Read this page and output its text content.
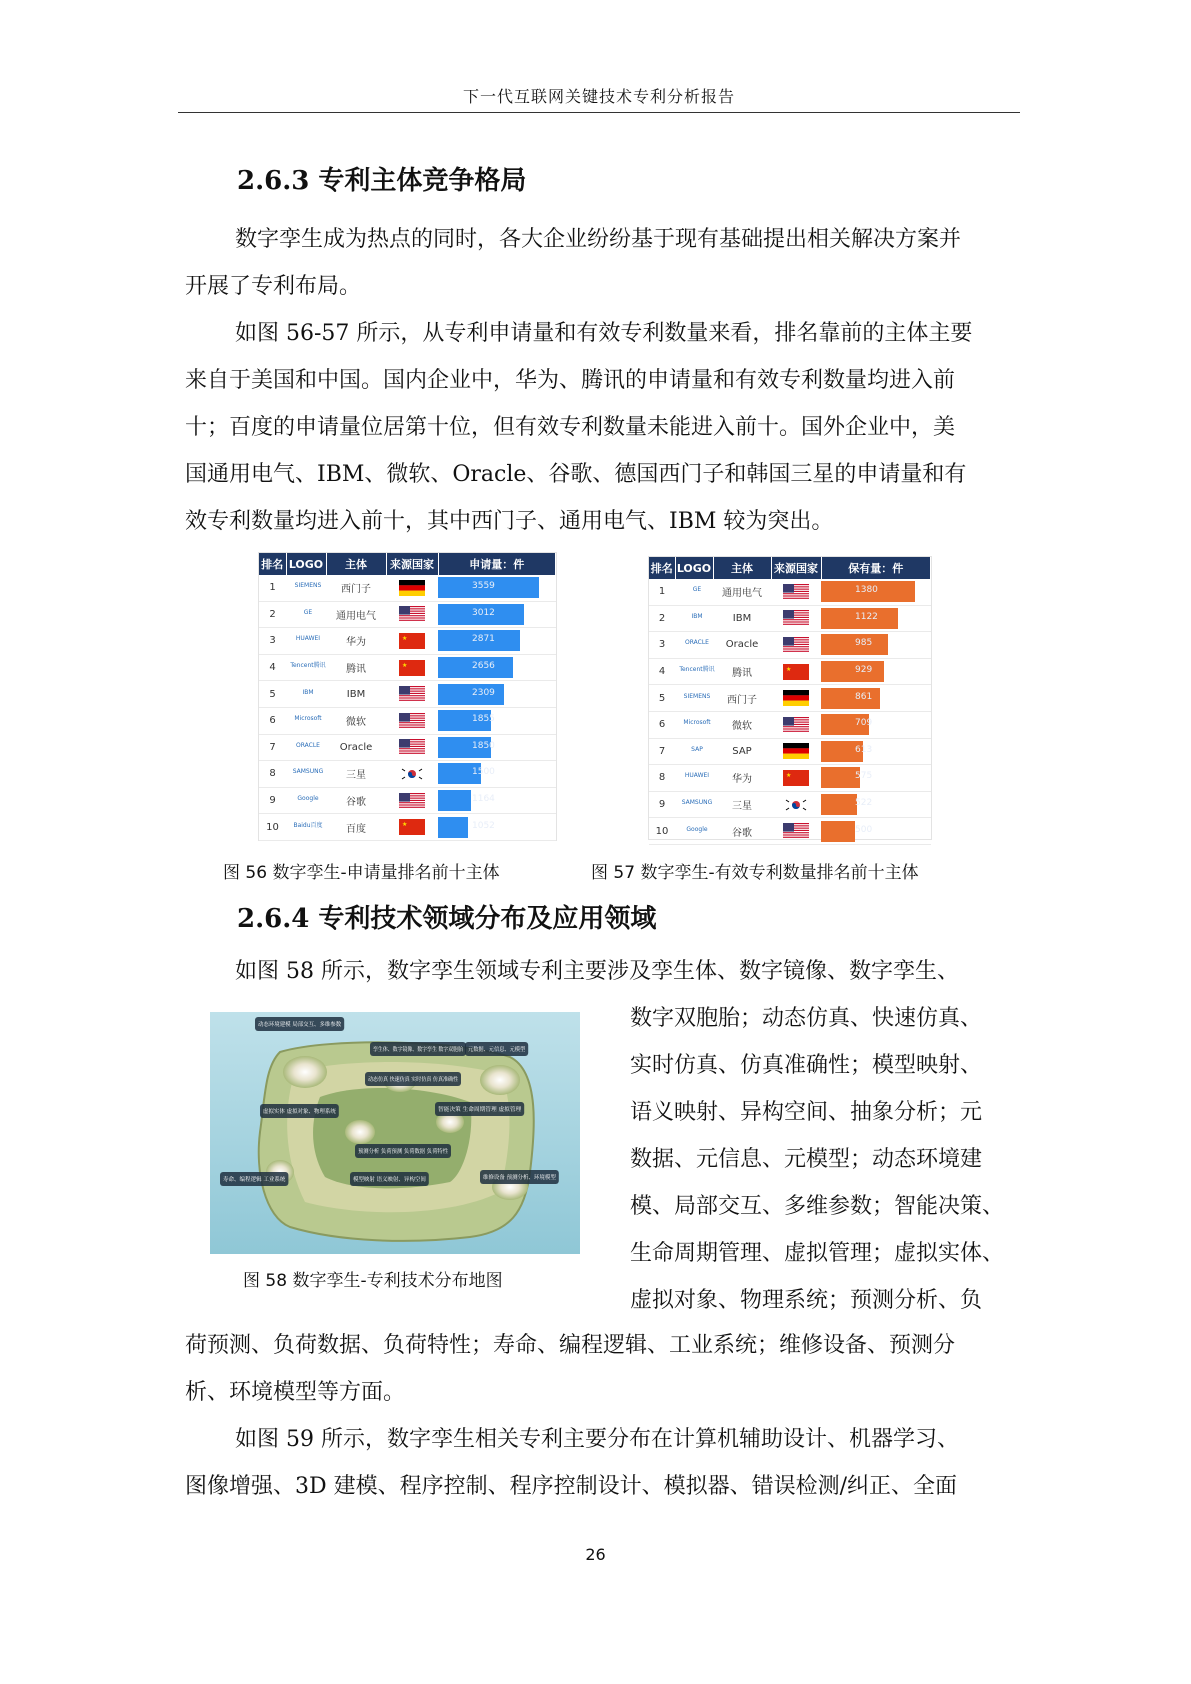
下一代互联网关键技术专利分析报告
2.6.3 专利主体竞争格局

数字孪生成为热点的同时，各大企业纷纷基于现有基础提出相关解决方案并

开展了专利布局。

如图 56-57 所示，从专利申请量和有效专利数量来看，排名靠前的主体主要

来自于美国和中国。国内企业中，华为、腾讯的申请量和有效专利数量均进入前

十；百度的申请量位居第十位，但有效专利数量未能进入前十。国外企业中，美

国通用电气、IBM、微软、Oracle、谷歌、德国西门子和韩国三星的申请量和有

效专利数量均进入前十，其中西门子、通用电气、IBM 较为突出。

排名	LOGO	主体	来源国家	申请量：件
1	SIEMENS	西门子		3559

2	GE	通用电气		3012

3	HUAWEI	华为	★	2871

4	Tencent腾讯	腾讯	★	2656

5	IBM	IBM		2309

6	Microsoft	微软		1855

7	ORACLE	Oracle		1850

8	SAMSUNG	三星		1500

9	Google	谷歌		1164

10	Baidu百度	百度	★	1052
图 56 数字孪生-申请量排名前十主体
排名	LOGO	主体	来源国家	保有量：件
1	GE	通用电气		1380

2	IBM	IBM		1122

3	ORACLE	Oracle		985

4	Tencent腾讯	腾讯	★	929

5	SIEMENS	西门子		861

6	Microsoft	微软		709

7	SAP	SAP		613

8	HUAWEI	华为	★	575

9	SAMSUNG	三星		522

10	Google	谷歌		500
图 57 数字孪生-有效专利数量排名前十主体
2.6.4 专利技术领域分布及应用领域

如图 58 所示，数字孪生领域专利主要涉及孪生体、数字镜像、数字孪生、

数字双胞胎；动态仿真、快速仿真、

实时仿真、仿真准确性；模型映射、

语义映射、异构空间、抽象分析；元

数据、元信息、元模型；动态环境建

模、局部交互、多维参数；智能决策、

生命周期管理、虚拟管理；虚拟实体、

虚拟对象、物理系统；预测分析、负

动态环境建模 局部交互、多维参数
孪生体、数字镜像、数字孪生 数字双胞胎
元数据、元信息、元模型
动态仿真 快速仿真 实时仿真 仿真准确性
虚拟实体 虚拟对象、物理系统	智能决策 生命周期管理 虚拟管理
预测分析 负荷预测 负荷数据 负荷特性
寿命、编程逻辑 工业系统	维修设备 预测分析、环境模型
模型映射 语义映射、异构空间
图 58 数字孪生-专利技术分布地图

荷预测、负荷数据、负荷特性；寿命、编程逻辑、工业系统；维修设备、预测分

析、环境模型等方面。

如图 59 所示，数字孪生相关专利主要分布在计算机辅助设计、机器学习、

图像增强、3D 建模、程序控制、程序控制设计、模拟器、错误检测/纠正、全面

26
